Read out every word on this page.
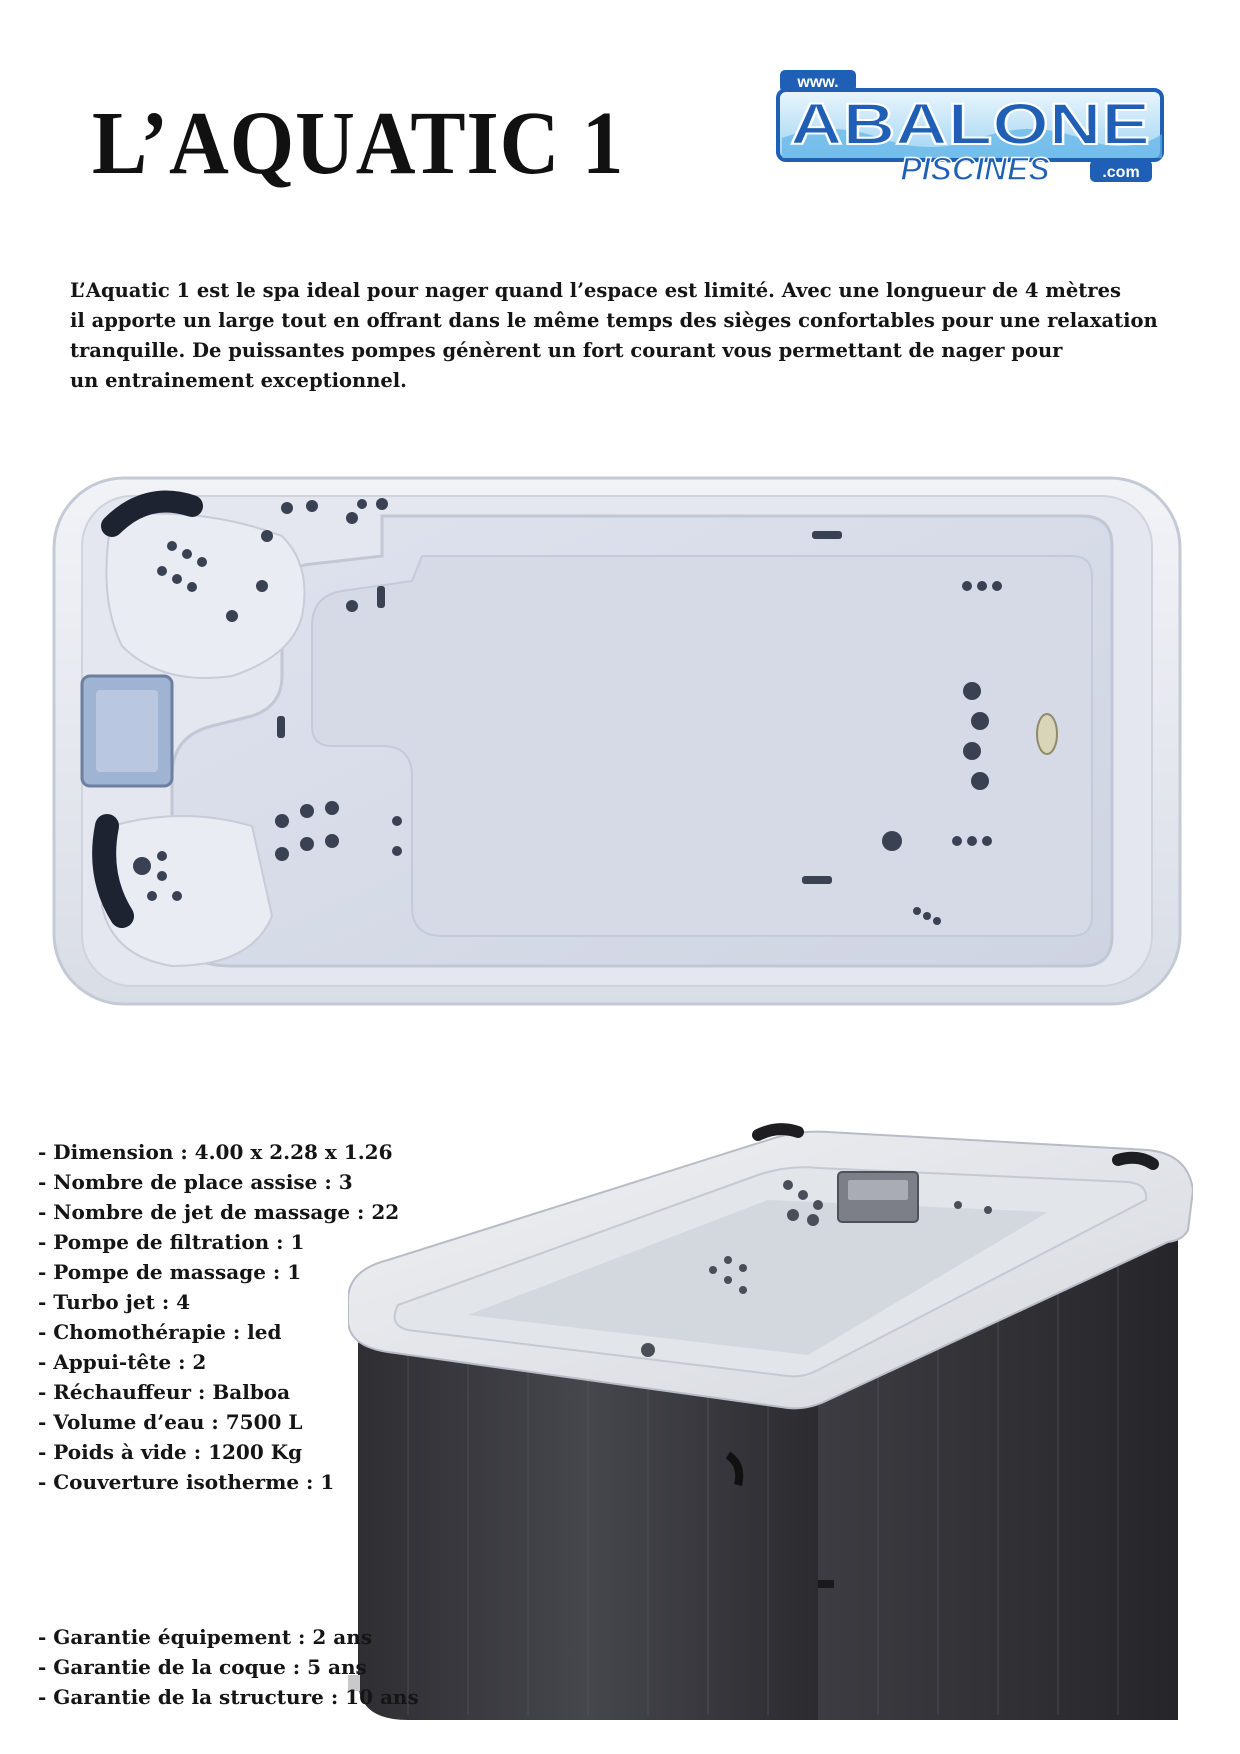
L’AQUATIC 1
www.
ABALONE
PISCINES	.com
L’Aquatic 1 est le spa ideal pour nager quand l’espace est limité. Avec une longueur de 4 mètres
il apporte un large tout en offrant dans le même temps des sièges confortables pour une relaxation
tranquille. De puissantes pompes génèrent un fort courant vous permettant de nager pour
un entrainement exceptionnel.
- Dimension : 4.00 x 2.28 x 1.26
- Nombre de place assise : 3
- Nombre de jet de massage : 22
- Pompe de filtration : 1
- Pompe de massage : 1
- Turbo jet : 4
- Chomothérapie : led
- Appui-tête : 2
- Réchauffeur : Balboa
- Volume d’eau : 7500 L
- Poids à vide : 1200 Kg
- Couverture isotherme : 1
- Garantie équipement : 2 ans
- Garantie de la coque : 5 ans
- Garantie de la structure : 10 ans
